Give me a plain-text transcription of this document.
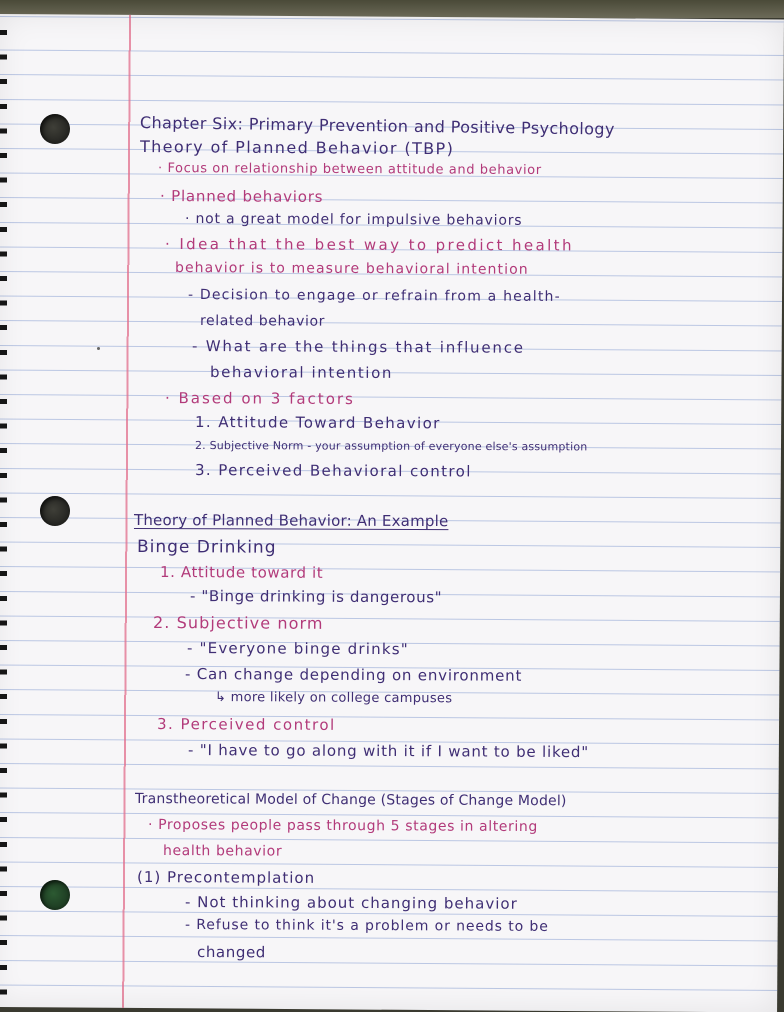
Chapter Six: Primary Prevention and Positive Psychology
Theory of Planned Behavior (TBP)
· Focus on relationship between attitude and behavior
· Planned behaviors
· not a great model for impulsive behaviors
· Idea that the best way to predict health
behavior is to measure behavioral intention
- Decision to engage or refrain from a health-
related behavior
- What are the things that influence
behavioral intention
· Based on 3 factors
1. Attitude Toward Behavior
2. Subjective Norm - your assumption of everyone else's assumption
3. Perceived Behavioral control
Theory of Planned Behavior: An Example
Binge Drinking
1. Attitude toward it
- "Binge drinking is dangerous"
2. Subjective norm
- "Everyone binge drinks"
- Can change depending on environment
↳ more likely on college campuses
3. Perceived control
- "I have to go along with it if I want to be liked"
Transtheoretical Model of Change (Stages of Change Model)
· Proposes people pass through 5 stages in altering
health behavior
(1) Precontemplation
- Not thinking about changing behavior
- Refuse to think it's a problem or needs to be
changed
